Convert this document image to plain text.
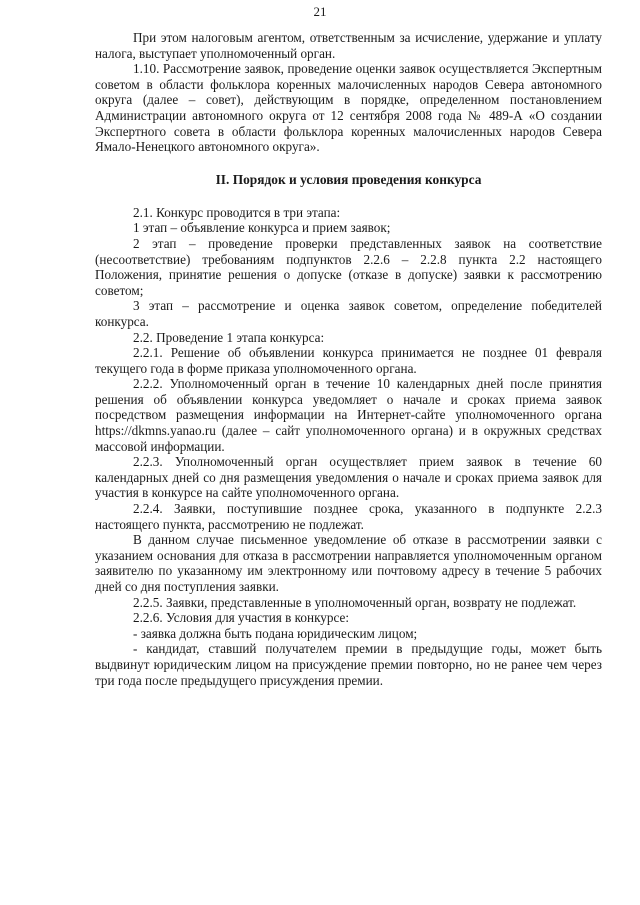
21

При этом налоговым агентом, ответственным за исчисление, удержание и уплату налога, выступает уполномоченный орган.

1.10. Рассмотрение заявок, проведение оценки заявок осуществляется Экспертным советом в области фольклора коренных малочисленных народов Севера автономного округа (далее – совет), действующим в порядке, определенном постановлением Администрации автономного округа от 12 сентября 2008 года № 489-А «О создании Экспертного совета в области фольклора коренных малочисленных народов Севера Ямало-Ненецкого автономного округа».

II. Порядок и условия проведения конкурса

2.1. Конкурс проводится в три этапа:

1 этап – объявление конкурса и прием заявок;

2 этап – проведение проверки представленных заявок на соответствие (несоответствие) требованиям подпунктов 2.2.6 – 2.2.8 пункта 2.2 настоящего Положения, принятие решения о допуске (отказе в допуске) заявки к рассмотрению советом;

3 этап – рассмотрение и оценка заявок советом, определение победителей конкурса.

2.2. Проведение 1 этапа конкурса:

2.2.1. Решение об объявлении конкурса принимается не позднее 01 февраля текущего года в форме приказа уполномоченного органа.

2.2.2. Уполномоченный орган в течение 10 календарных дней после принятия решения об объявлении конкурса уведомляет о начале и сроках приема заявок посредством размещения информации на Интернет-сайте уполномоченного органа https://dkmns.yanao.ru (далее – сайт уполномоченного органа) и в окружных средствах массовой информации.

2.2.3. Уполномоченный орган осуществляет прием заявок в течение 60 календарных дней со дня размещения уведомления о начале и сроках приема заявок для участия в конкурсе на сайте уполномоченного органа.

2.2.4. Заявки, поступившие позднее срока, указанного в подпункте 2.2.3 настоящего пункта, рассмотрению не подлежат.

В данном случае письменное уведомление об отказе в рассмотрении заявки с указанием основания для отказа в рассмотрении направляется уполномоченным органом заявителю по указанному им электронному или почтовому адресу в течение 5 рабочих дней со дня поступления заявки.

2.2.5. Заявки, представленные в уполномоченный орган, возврату не подлежат.

2.2.6. Условия для участия в конкурсе:

- заявка должна быть подана юридическим лицом;

- кандидат, ставший получателем премии в предыдущие годы, может быть выдвинут юридическим лицом на присуждение премии повторно, но не ранее чем через три года после предыдущего присуждения премии.
